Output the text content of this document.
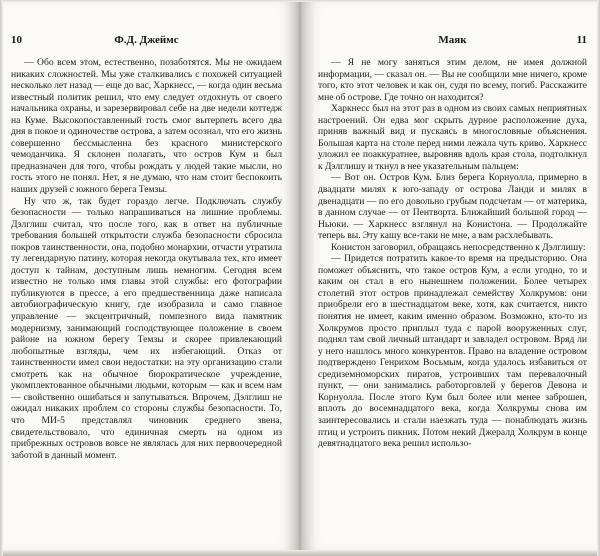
10	Ф.Д. Джеймс

— Обо всем этом, естественно, позаботятся. Мы не ожидаем никаких сложностей. Мы уже сталкивались с похожей ситуацией несколько лет назад — еще до вас, Харкнесс, — когда один весьма известный политик решил, что ему следует отдохнуть от своего начальника охраны, и зарезервировал себе на две недели коттедж на Куме. Высокопоставленный гость смог вытерпеть всего два дня в покое и одиночестве острова, а затем осознал, что его жизнь совершенно бессмысленна без красного министерского чемоданчика. Я склонен полагать, что остров Кум и был предназначен для того, чтобы рождать у людей такие мысли, но гость этого не понял. Нет, я не думаю, что нам стоит беспокоить наших друзей с южного берега Темзы.

Ну что ж, так будет гораздо легче. Подключать службу безопасности — только напрашиваться на лишние проблемы. Дэлглиш считал, что после того, как в ответ на публичные требования большей открытости служба безопасности сбросила покров таинственности, она, подобно монархии, отчасти утратила ту легендарную патину, которая некогда окутывала тех, кто имеет доступ к тайнам, доступным лишь немногим. Сегодня всем известно не только имя главы этой службы: его фотографии публикуются в прессе, а его предшественница даже написала автобиографическую книгу, где изобразила и само главное управление — эксцентричный, помпезного вида памятник модернизму, занимающий господствующее положение в своем районе на южном берегу Темзы и скорее привлекающий любопытные взгляды, чем их избегающий. Отказ от таинственности имел свои недостатки: на эту организацию стали смотреть как на обычное бюрократическое учреждение, укомплектованное обычными людьми, которым — как и всем нам — свойственно ошибаться и запутываться. Впрочем, Дэлглиш не ожидал никаких проблем со стороны службы безопасности. То, что МИ-5 представлял чиновник среднего звена, свидетельствовало, что единичная смерть на одном из прибрежных островов вовсе не являлась для них первоочередной заботой в данный момент.

Маяк	11

— Я не могу заняться этим делом, не имея должной информации, — сказал он. — Вы не сообщили мне ничего, кроме того, кто этот человек и как он, судя по всему, погиб. Расскажите мне об острове. Где точно он находится?

Харкнесс был на этот раз в одном из своих самых неприятных настроений. Он едва мог скрыть дурное расположение духа, приняв важный вид и пускаясь в многословные объяснения. Большая карта на столе перед ними лежала чуть криво. Харкнесс уложил ее поаккуратнее, выровняв вдоль края стола, подтолкнул к Дэлглишу и ткнул в нее указательным пальцем:

— Вот он. Остров Кум. Близ берега Корнуолла, примерно в двадцати милях к юго-западу от острова Ланди и милях в двенадцати — по его довольно грубым подсчетам — от материка, в данном случае — от Пентворта. Ближайший большой город — Ньюки. — Харкнесс взглянул на Конистона. — Продолжайте теперь вы. Эту кашу все-таки не мне, а вам расхлебывать.

Конистон заговорил, обращаясь непосредственно к Дэлглишу:

— Придется потратить какое-то время на предысторию. Она поможет объяснить, что такое остров Кум, а если угодно, то и каким он стал в его нынешнем положении. Более четырех столетий этот остров принадлежал семейству Холкрумов: они приобрели его в шестнадцатом веке, хотя, как считается, никто понятия не имеет, каким именно образом. Возможно, кто-то из Холкрумов просто приплыл туда с парой вооруженных слуг, поднял там свой личный штандарт и завладел островом. Вряд ли у него нашлось много конкурентов. Право на владение островом подтверждено Генрихом Восьмым, когда удалось избавиться от средиземноморских пиратов, устроивших там перевалочный пункт, — они занимались работорговлей у берегов Девона и Корнуолла. После этого Кум был более или менее заброшен, вплоть до восемнадцатого века, когда Холкрумы снова им заинтересовались и стали наезжать туда — понаблюдать жизнь птиц и устроить пикник. Потом некий Джералд Холкрум в конце девятнадцатого века решил использо-
